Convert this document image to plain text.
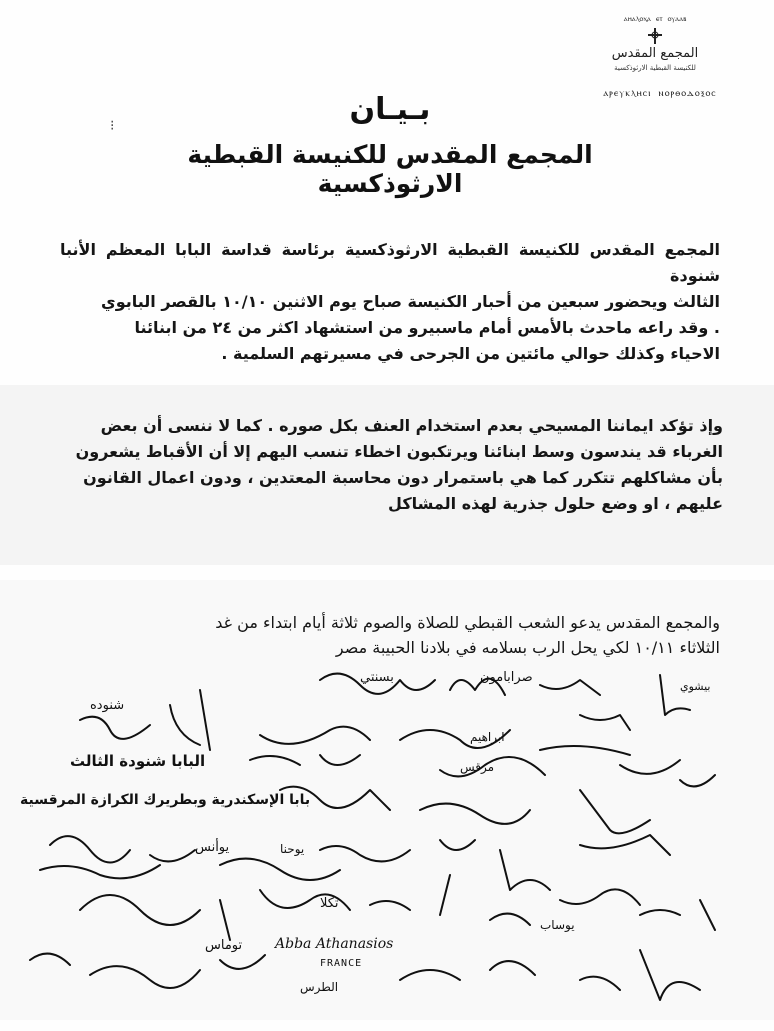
ⲁⲏⲁⲗⲟⲭⲁ ⲉⲧ ⲟⲩⲁⲁⲃ
المجمع المقدس
للكنيسة القبطية الارثوذكسية
ⲁⲣⲉⲩⲕⲗⲏⲥⲓ ⲛⲟⲣⲑⲟⲇⲟⲝⲟⲥ
⁝	بـيـان
المجمع المقدس للكنيسة القبطية الارثوذكسية
المجمع المقدس للكنيسة القبطية الارثوذكسية برئاسة قداسة البابا المعظم الأنبا شنودة
الثالث ويحضور سبعين من أحبار الكنيسة صباح يوم الاثنين ١٠/١٠ بالقصر البابوي
. وقد راعه ماحدث بالأمس أمام ماسبيرو من استشهاد اكثر من ٢٤ من ابنائنا
الاحياء وكذلك حوالي مائتين من الجرحى في مسيرتهم السلمية .
وإذ تؤكد ايماننا المسيحي بعدم استخدام العنف بكل صوره . كما لا ننسى أن بعض
الغرباء قد يندسون وسط ابنائنا ويرتكبون اخطاء تنسب اليهم إلا أن الأقباط يشعرون
بأن مشاكلهم تتكرر كما هي باستمرار دون محاسبة المعتدين ، ودون اعمال القانون
عليهم ، او وضع حلول جذرية لهذه المشاكل
والمجمع المقدس يدعو الشعب القبطي للصلاة والصوم ثلاثة أيام ابتداء من غد
الثلاثاء ١٠/١١ لكي يحل الرب بسلامه في بلادنا الحبيبة مصر
البابا شنودة الثالث
بابا الإسكندرية وبطريرك الكرازة المرقسية
Abba Athanasios
FRANCE
بيشوي
صرابامون
بسنتي
يوأنس
ابراهيم
شنوده
مرقس
يوحنا
يوساب
الطرس
توماس
تكلا
